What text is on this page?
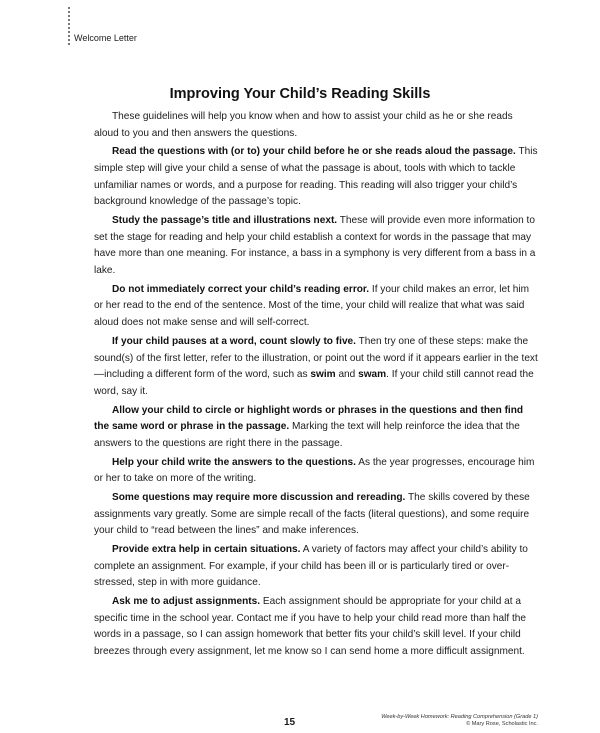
Welcome Letter
Improving Your Child’s Reading Skills

These guidelines will help you know when and how to assist your child as he or she reads aloud to you and then answers the questions.

Read the questions with (or to) your child before he or she reads aloud the passage. This simple step will give your child a sense of what the passage is about, tools with which to tackle unfamiliar names or words, and a purpose for reading. This reading will also trigger your child’s background knowledge of the passage’s topic.

Study the passage’s title and illustrations next. These will provide even more information to set the stage for reading and help your child establish a context for words in the passage that may have more than one meaning. For instance, a bass in a symphony is very different from a bass in a lake.

Do not immediately correct your child’s reading error. If your child makes an error, let him or her read to the end of the sentence. Most of the time, your child will realize that what was said aloud does not make sense and will self-correct.

If your child pauses at a word, count slowly to five. Then try one of these steps: make the sound(s) of the first letter, refer to the illustration, or point out the word if it appears earlier in the text—including a different form of the word, such as swim and swam. If your child still cannot read the word, say it.

Allow your child to circle or highlight words or phrases in the questions and then find the same word or phrase in the passage. Marking the text will help reinforce the idea that the answers to the questions are right there in the passage.

Help your child write the answers to the questions. As the year progresses, encourage him or her to take on more of the writing.

Some questions may require more discussion and rereading. The skills covered by these assignments vary greatly. Some are simple recall of the facts (literal questions), and some require your child to “read between the lines” and make inferences.

Provide extra help in certain situations. A variety of factors may affect your child’s ability to complete an assignment. For example, if your child has been ill or is particularly tired or over-stressed, step in with more guidance.

Ask me to adjust assignments. Each assignment should be appropriate for your child at a specific time in the school year. Contact me if you have to help your child read more than half the words in a passage, so I can assign homework that better fits your child’s skill level. If your child breezes through every assignment, let me know so I can send home a more difficult assignment.

15	Week-by-Week Homework: Reading Comprehension (Grade 1)
© Mary Rose, Scholastic Inc.
